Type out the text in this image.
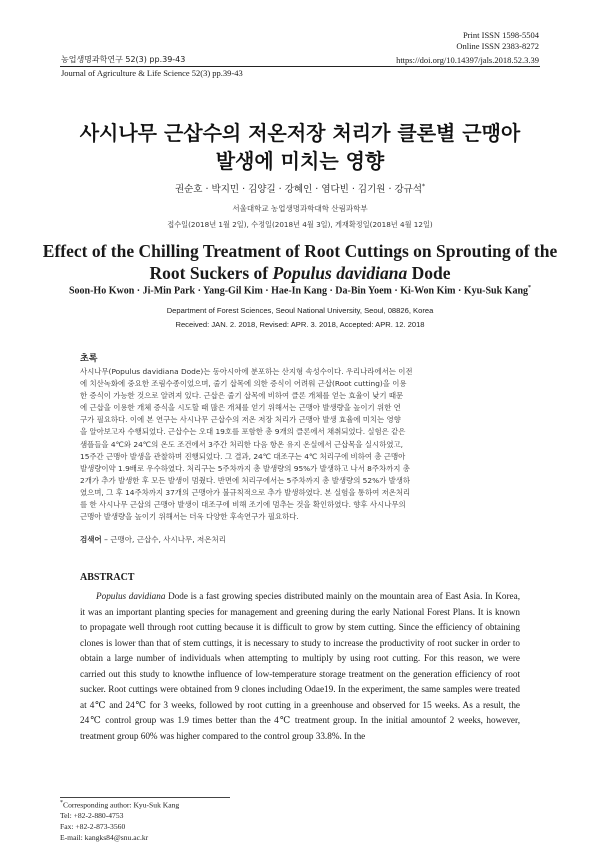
Print ISSN 1598-5504
Online ISSN 2383-8272
농업생명과학연구 52(3) pp.39-43	https://doi.org/10.14397/jals.2018.52.3.39
Journal of Agriculture & Life Science 52(3) pp.39-43
사시나무 근삽수의 저온저장 처리가 클론별 근맹아
발생에 미치는 영향
권순호 · 박지민 · 김양길 · 강혜인 · 염다빈 · 김기원 · 강규석*
서울대학교 농업생명과학대학 산림과학부
접수일(2018년 1월 2일), 수정일(2018년 4월 3일), 게재확정일(2018년 4월 12일)
Effect of the Chilling Treatment of Root Cuttings on Sprouting of the
Root Suckers of Populus davidiana Dode
Soon-Ho Kwon · Ji-Min Park · Yang-Gil Kim · Hae-In Kang · Da-Bin Yoem · Ki-Won Kim · Kyu-Suk Kang*
Department of Forest Sciences, Seoul National University, Seoul, 08826, Korea
Received: JAN. 2. 2018, Revised: APR. 3. 2018, Accepted: APR. 12. 2018
초록
사시나무(Populus davidiana Dode)는 동아시아에 분포하는 산지형 속성수이다. 우리나라에서는 이전
에 치산녹화에 중요한 조림수종이었으며, 줄기 삽목에 의한 증식이 어려워 근삽(Root cutting)을 이용
한 증식이 가능한 것으로 알려져 있다. 근삽은 줄기 삽목에 비하여 클론 개체를 얻는 효율이 낮기 때문
에 근삽을 이용한 개체 증식을 시도할 때 많은 개체를 얻기 위해서는 근맹아 발생량을 높이기 위한 연
구가 필요하다. 이에 본 연구는 사시나무 근삽수의 저온 저장 처리가 근맹아 발생 효율에 미치는 영향
을 알아보고자 수행되었다. 근삽수는 오대 19호를 포함한 총 9개의 클론에서 채취되었다. 실험은 같은
샘플들을 4℃와 24℃의 온도 조건에서 3주간 처리한 다음 항온 유지 온실에서 근삽목을 실시하였고,
15주간 근맹아 발생을 관찰하며 진행되었다. 그 결과, 24℃ 대조구는 4℃ 처리구에 비하여 총 근맹아
발생량이약 1.9배로 우수하였다. 처리구는 5주차까지 총 발생량의 95%가 발생하고 나서 8주차까지 총
2개가 추가 발생한 후 모든 발생이 멈췄다. 반면에 처리구에서는 5주차까지 총 발생량의 52%가 발생하
였으며, 그 후 14주차까지 37개의 근맹아가 불규칙적으로 추가 발생하였다. 본 실험을 통하여 저온처리
를 한 사시나무 근삽의 근맹아 발생이 대조구에 비해 조기에 멈추는 것을 확인하였다. 향후 사시나무의
근맹아 발생량을 높이기 위해서는 더욱 다양한 후속연구가 필요하다.
검색어 – 근맹아, 근삽수, 사시나무, 저온처리
ABSTRACT

Populus davidiana Dode is a fast growing species distributed mainly on the mountain area of East Asia. In Korea, it was an important planting species for management and greening during the early National Forest Plans. It is known to propagate well through root cutting because it is difficult to grow by stem cutting. Since the efficiency of obtaining clones is lower than that of stem cuttings, it is necessary to study to increase the productivity of root sucker in order to obtain a large number of individuals when attempting to multiply by using root cutting. For this reason, we were carried out this study to knowthe influence of low-temperature storage treatment on the generation efficiency of root sucker. Root cuttings were obtained from 9 clones including Odae19. In the experiment, the same samples were treated at 4℃ and 24℃ for 3 weeks, followed by root cutting in a greenhouse and observed for 15 weeks. As a result, the 24℃ control group was 1.9 times better than the 4℃ treatment group. In the initial amountof 2 weeks, however, treatment group 60% was higher compared to the control group 33.8%. In the

*Corresponding author: Kyu-Suk Kang
Tel: +82-2-880-4753
Fax: +82-2-873-3560
E-mail: kangks84@snu.ac.kr
